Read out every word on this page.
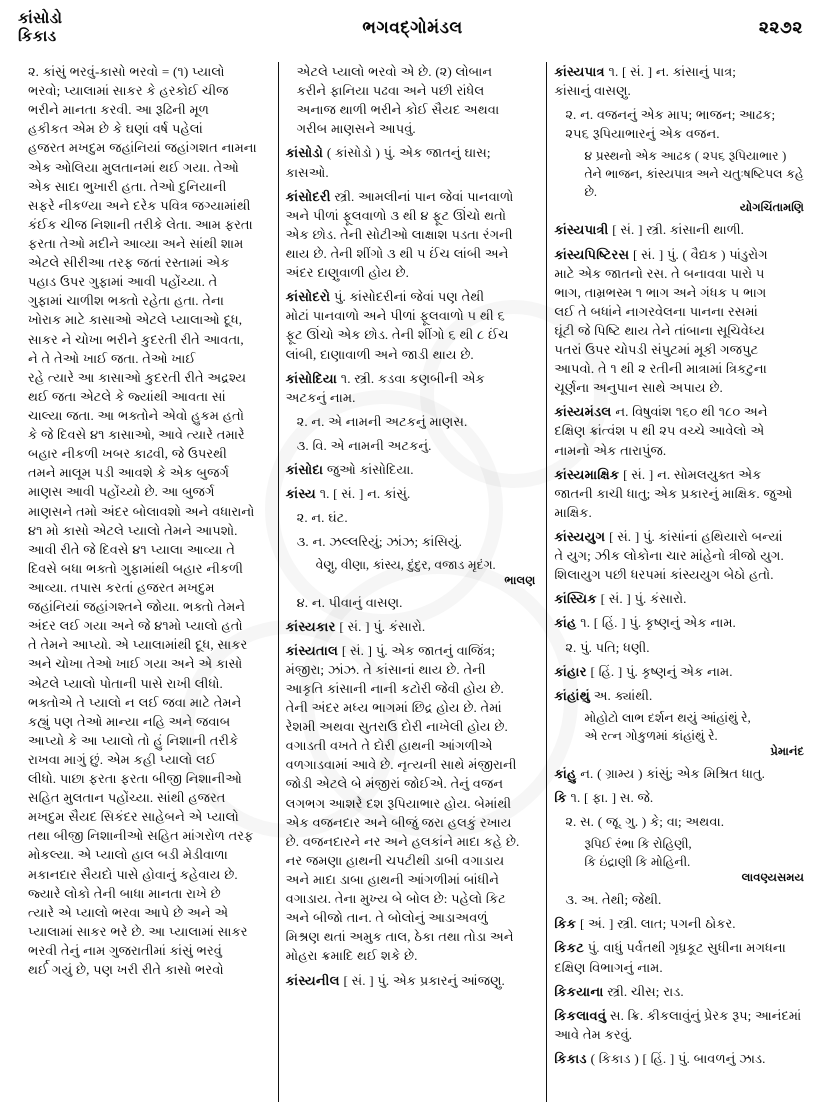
કાંસોડો
કિકાડ	ભગવદ્ગોમંડલ	૨૨૭૨

૨. કાંસું ભરવું-કાસો ભરવો = (૧) પ્યાલો

ભરવો; પ્યાલામાં સાકર કે હરકોઈ ચીજ

ભરીને માનતા કરવી. આ રૂઢિની મૂળ

હકીકત એમ છે કે ઘણાં વર્ષ પહેલાં

હજરત મખદુમ જહાંનિયાં જહાંગશત નામના

એક ઓલિયા મુલતાનમાં થઈ ગયા. તેઓ

એક સાદા ભુખારી હતા. તેઓ દુનિયાની

સફરે નીકળ્યા અને દરેક પવિત્ર જગ્યામાંથી

કંઈક ચીજ નિશાની તરીકે લેતા. આમ ફરતા

ફરતા તેઓ મદીને આવ્યા અને સાંથી શામ

એટલે સીરીઆ તરફ જતાં રસ્તામાં એક

પહાડ ઉપર ગુફામાં આવી પહોંચ્યા. તે

ગુફામાં ચાળીશ ભક્તો રહેતા હતા. તેના

ખોરાક માટે કાસાઓ એટલે પ્યાલાઓ દૂધ,

સાકર ને ચોખા ભરીને કુદરતી રીતે આવતા,

ને તે તેઓ ખાઈ જતા. તેઓ ખાઈ

રહે ત્યારે આ કાસાઓ કુદરતી રીતે અદ્રશ્ય

થઈ જતા એટલે કે જ્યાંથી આવતા સાં

ચાલ્યા જતા. આ ભક્તોને એવો હુકમ હતો

કે જે દિવસે ૪૧ કાસાઓ, આવે ત્યારે તમારે

બહાર નીકળી ખબર કાઢવી, જે ઉપરથી

તમને માલૂમ પડી આવશે કે એક બુજર્ગ

માણસ આવી પહોંચ્યો છે. આ બુજર્ગ

માણસને તમો અંદર બોલાવશો અને વધારાનો

૪૧ મો કાસો એટલે પ્યાલો તેમને આપશો.

આવી રીતે જે દિવસે ૪૧ પ્યાલા આવ્યા તે

દિવસે બધા ભક્તો ગુફામાંથી બહાર નીકળી

આવ્યા. તપાસ કરતાં હજરત મખદુમ

જહાંનિયાં જહાંગશ્તને જોયા. ભક્તો તેમને

અંદર લઈ ગયા અને જે ૪૧મો પ્યાલો હતો

તે તેમને આપ્યો. એ પ્યાલામાંથી દૂધ, સાકર

અને ચોખા તેઓ ખાઈ ગયા અને એ કાસો

એટલે પ્યાલો પોતાની પાસે રાખી લીધો.

ભક્તોએ તે પ્યાલો ન લઈ જવા માટે તેમને

કહ્યું પણ તેઓ માન્યા નહિ અને જવાબ

આપ્યો કે આ પ્યાલો તો હું નિશાની તરીકે

રાખવા માગું છું. એમ કહી પ્યાલો લઈ

લીધો. પાછા ફરતા ફરતા બીજી નિશાનીઓ

સહિત મુલતાન પહોંચ્યા. સાંથી હજરત

મખદુમ સૈયદ સિકંદર સાહેબને એ પ્યાલો

તથા બીજી નિશાનીઓ સહિત માંગરોળ તરફ

મોકલ્યા. એ પ્યાલો હાલ બડી મેડીવાળા

મકાનદાર સૈયદો પાસે હોવાનું કહેવાય છે.

જ્યારે લોકો તેની બાધા માનતા રાખે છે

ત્યારે એ પ્યાલો ભરવા આપે છે અને એ

પ્યાલામાં સાકર ભરે છે. આ પ્યાલામાં સાકર

ભરવી તેનું નામ ગુજરાતીમાં કાંસું ભરવું

થર્ઈ ગયું છે, પણ ખરી રીતે કાસો ભરવો

એટલે પ્યાલો ભરવો એ છે. (૨) લોબાન

કરીને ફાનિયા પઢવા અને પછી રાંધેલ

અનાજ થાળી ભરીને કોઈ સૈયદ અથવા

ગરીબ માણસને આપવું.

કાંસોડો ( કાંસોડો ) પું. એક જાતનું ઘાસ;

કાસઓ.

કાંસોદરી સ્ત્રી. આમલીનાં પાન જેવાં પાનવાળો

અને પીળાં ફૂલવાળો ૩ થી ૪ ફૂટ ઊંચો થતો

એક છોડ. તેની સોટીઓ લાક્ષાશ પડતા રંગની

થાય છે. તેની શીંગો ૩ થી ૫ ઈંચ લાંબી અને

અંદર દાણુવાળી હોય છે.

કાંસોદરો પું. કાંસોદરીનાં જેવાં પણ તેથી

મોટાં પાનવાળો અને પીળાં ફૂલવાળો ૫ થી ૬

ફૂટ ઊંચો એક છોડ. તેની શીંગો ૬ થી ૮ ઈંચ

લાંબી, દાણાવાળી અને જાડી થાય છે.

કાંસોદિયા ૧. સ્ત્રી. કડવા કણબીની એક

અટકનું નામ.

૨. ન. એ નામની અટકનું માણસ.

૩. વિ. એ નામની અટકનું.

કાંસોદા જુઓ કાંસોદિયા.

કાંસ્ય ૧. [ સં. ] ન. કાંસું.

૨. ન. ઘંટ.

૩. ન. ઝલ્લરિયું; ઝાંઝ; કાંસિયું.

વેણુ, વીણા, કાંસ્ય, દુંદુર, વજાડ મૃદંગ.

ભાલણ

૪. ન. પીવાનું વાસણ.

કાંસ્યકાર [ સં. ] પું. કંસારો.

કાંસ્યતાલ [ સં. ] પું. એક જાતનું વાજિંત્ર;

મંજીરા; ઝાંઝ. તે કાંસાનાં થાય છે. તેની

આકૃતિ કાંસાની નાની કટોરી જેવી હોય છે.

તેની અંદર મધ્ય ભાગમાં છિદ્ર હોય છે. તેમાં

રેશમી અથવા સુતરાઉ દોરી નાખેલી હોય છે.

વગાડતી વખતે તે દોરી હાથની આંગળીએ

વળગાડવામાં આવે છે. નૃત્યની સાથે મંજીરાની

જોડી એટલે બે મંજીરાં જોઈએ. તેનું વજન

લગભગ આશરે દશ રૂપિયાભાર હોય. બેમાંથી

એક વજનદાર અને બીજું જરા હલકું રખાય

છે. વજનદારને નર અને હલકાંને માદા કહે છે.

નર જમણા હાથની ચપટીથી ડાબી વગાડાય

અને માદા ડાબા હાથની આંગળીમાં બાંધીને

વગાડાય. તેના મુખ્ય બે બોલ છે: પહેલો કિટ

અને બીજો તાન. તે બોલોનું આડાઅવળું

મિશ્રણ થતાં અમુક તાલ, ઠેકા તથા તોડા અને

મોહરા ક્રમાદિ થઈ શકે છે.

કાંસ્યનીલ [ સં. ] પું. એક પ્રકારનું આંજણુ.

કાંસ્યપાત્ર ૧. [ સં. ] ન. કાંસાનું પાત્ર;

કાંસાનું વાસણુ.

૨. ન. વજનનું એક માપ; ભાજન; આઢક;

૨૫૬ રૂપિયાભારનું એક વજન.

૪ પ્રસ્થનો એક આઢક ( ૨૫૬ રૂપિયાભાર )

તેને ભાજન, કાંસ્યપાત્ર અને ચતુઃષષ્ટિપલ કહે

છે.

યોગચિંતામણિ

કાંસ્યપાત્રી [ સં. ] સ્ત્રી. કાંસાની થાળી.

કાંસ્યપિષ્ટિરસ [ સં. ] પું. ( વૈદ્યક ) પાંડુરોગ

માટે એક જાતનો રસ. તે બનાવવા પારો ૫

ભાગ, તામ્રભસ્મ ૧ ભાગ અને ગંધક ૫ ભાગ

લઈ તે બધાંને નાગરવેલના પાનના રસમાં

ઘૂંટી જે પિષ્ટિ થાય તેને તાંબાના સૂચિવેધ્ય

પતરાં ઉપર ચોપડી સંપુટમાં મૂકી ગજપુટ

આપવો. તે ૧ થી ૨ રતીની માત્રામાં ત્રિકટુના

ચૂર્ણના અનુપાન સાથે અપાય છે.

કાંસ્યમંડલ ન. વિષુવાંશ ૧૬૦ થી ૧૮૦ અને

દક્ષિણ ક્રાંત્વંશ ૫ થી ૨૫ વચ્ચે આવેલો એ

નામનો એક તારાપુંજ.

કાંસ્યમાક્ષિક [ સં. ] ન. સોમલયુક્ત એક

જાતની કાચી ધાતુ; એક પ્રકારનું માક્ષિક. જુઓ

માક્ષિક.

કાંસ્યયુગ [ સં. ] પું. કાંસાંનાં હથિયારો બન્યાં

તે યુગ; ઝીક લોકોના ચાર માંહેનો ત્રીજો યુગ.

શિલાયુગ પછી ધરપમાં કાંસ્યયુગ બેઠો હતો.

કાંસ્યિક [ સં. ] પું. કંસારો.

કાંહ ૧. [ હિં. ] પું. કૃષ્ણનું એક નામ.

૨. પું. પતિ; ધણી.

કાંહાર [ હિં. ] પું. કૃષ્ણનું એક નામ.

કાંહાંથું અ. ક્યાંથી.

મોહોટો લાભ દર્શન થયું આંહાંથું રે,

એ રત્ન ગોકુળમાં કાંહાંથું રે.

પ્રેમાનંદ

કાંહુ ન. ( ગ્રામ્ય ) કાંસું; એક મિશ્રિત ધાતુ.

કિ ૧. [ ફા. ] સ. જે.

૨. સ. ( જૂ. ગુ. ) કે; વા; અથવા.

રૂપિઈ રંભા કિ રોહિણી,

કિ ઇંદ્રાણી કિ મોહિની.

લાવણ્યસમય

૩. અ. તેથી; જેથી.

કિક [ અં. ] સ્ત્રી. લાત; પગની ઠોકર.

કિકટ પું. વાધું પર્વતથી ગૃધ્રકૂટ સુધીના મગધના

દક્ષિણ વિભાગનું નામ.

કિકયાના સ્ત્રી. ચીસ; રાડ.

કિકલાવવું સ. ક્રિ. કીકલાવુંનું પ્રેરક રૂપ; આનંદમાં

આવે તેમ કરવું.

કિકાડ ( કિકાડ ) [ હિં. ] પું. બાવળનું ઝાડ.
